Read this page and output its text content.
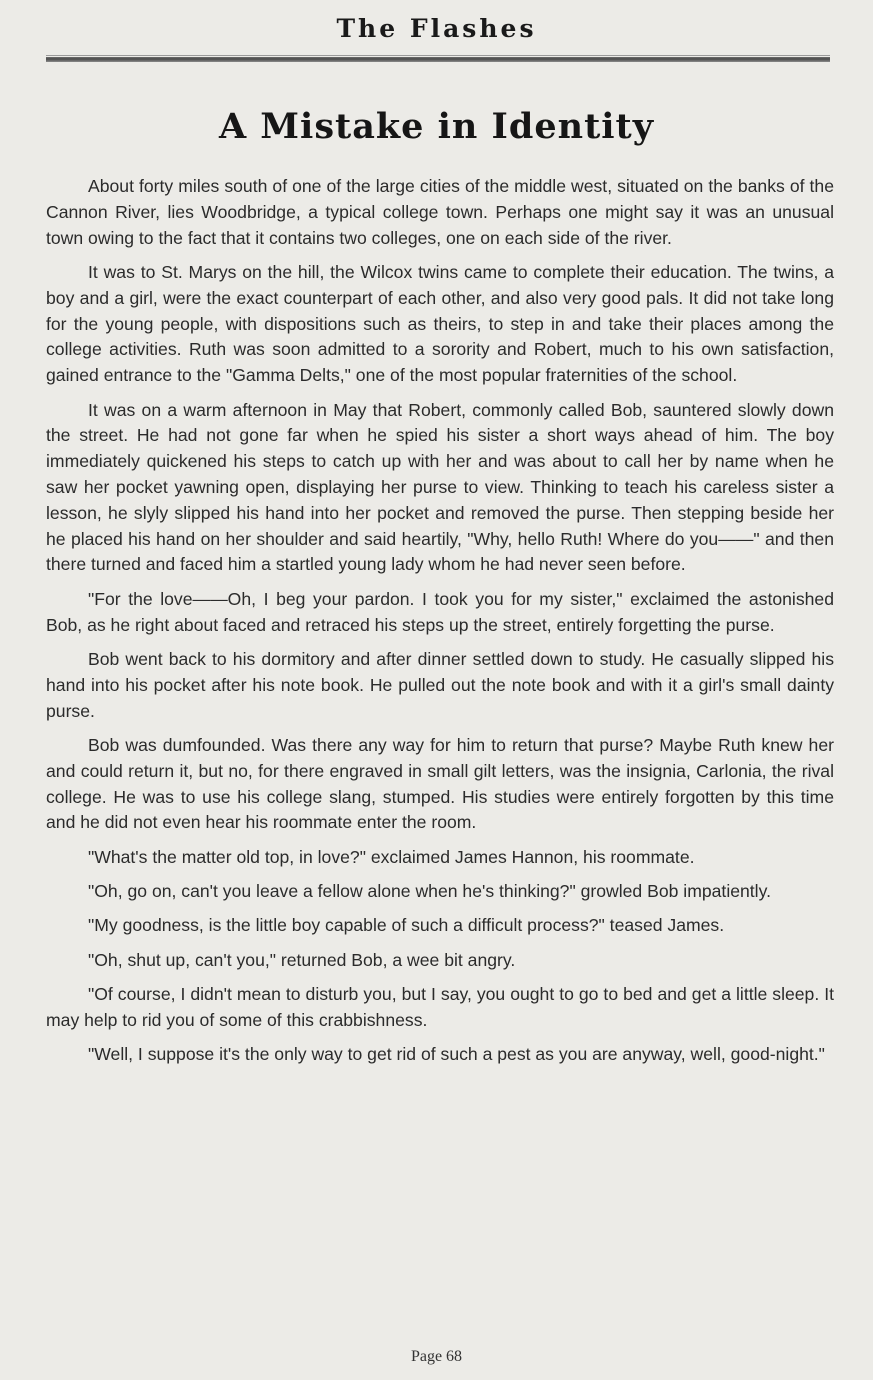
The Flashes
A Mistake in Identity

About forty miles south of one of the large cities of the middle west, situated on the banks of the Cannon River, lies Woodbridge, a typical college town. Perhaps one might say it was an unusual town owing to the fact that it contains two colleges, one on each side of the river.

It was to St. Marys on the hill, the Wilcox twins came to complete their education. The twins, a boy and a girl, were the exact counterpart of each other, and also very good pals. It did not take long for the young people, with dispositions such as theirs, to step in and take their places among the college activities. Ruth was soon admitted to a sorority and Robert, much to his own satisfaction, gained entrance to the "Gamma Delts," one of the most popular fraternities of the school.

It was on a warm afternoon in May that Robert, commonly called Bob, sauntered slowly down the street. He had not gone far when he spied his sister a short ways ahead of him. The boy immediately quickened his steps to catch up with her and was about to call her by name when he saw her pocket yawning open, displaying her purse to view. Thinking to teach his careless sister a lesson, he slyly slipped his hand into her pocket and removed the purse. Then stepping beside her he placed his hand on her shoulder and said heartily, "Why, hello Ruth! Where do you——" and then there turned and faced him a startled young lady whom he had never seen before.

"For the love——Oh, I beg your pardon. I took you for my sister," exclaimed the astonished Bob, as he right about faced and retraced his steps up the street, entirely forgetting the purse.

Bob went back to his dormitory and after dinner settled down to study. He casually slipped his hand into his pocket after his note book. He pulled out the note book and with it a girl's small dainty purse.

Bob was dumfounded. Was there any way for him to return that purse? Maybe Ruth knew her and could return it, but no, for there engraved in small gilt letters, was the insignia, Carlonia, the rival college. He was to use his college slang, stumped. His studies were entirely forgotten by this time and he did not even hear his roommate enter the room.

"What's the matter old top, in love?" exclaimed James Hannon, his roommate.

"Oh, go on, can't you leave a fellow alone when he's thinking?" growled Bob impatiently.

"My goodness, is the little boy capable of such a difficult process?" teased James.

"Oh, shut up, can't you," returned Bob, a wee bit angry.

"Of course, I didn't mean to disturb you, but I say, you ought to go to bed and get a little sleep. It may help to rid you of some of this crabbishness.

"Well, I suppose it's the only way to get rid of such a pest as you are anyway, well, good-night."

Page 68
